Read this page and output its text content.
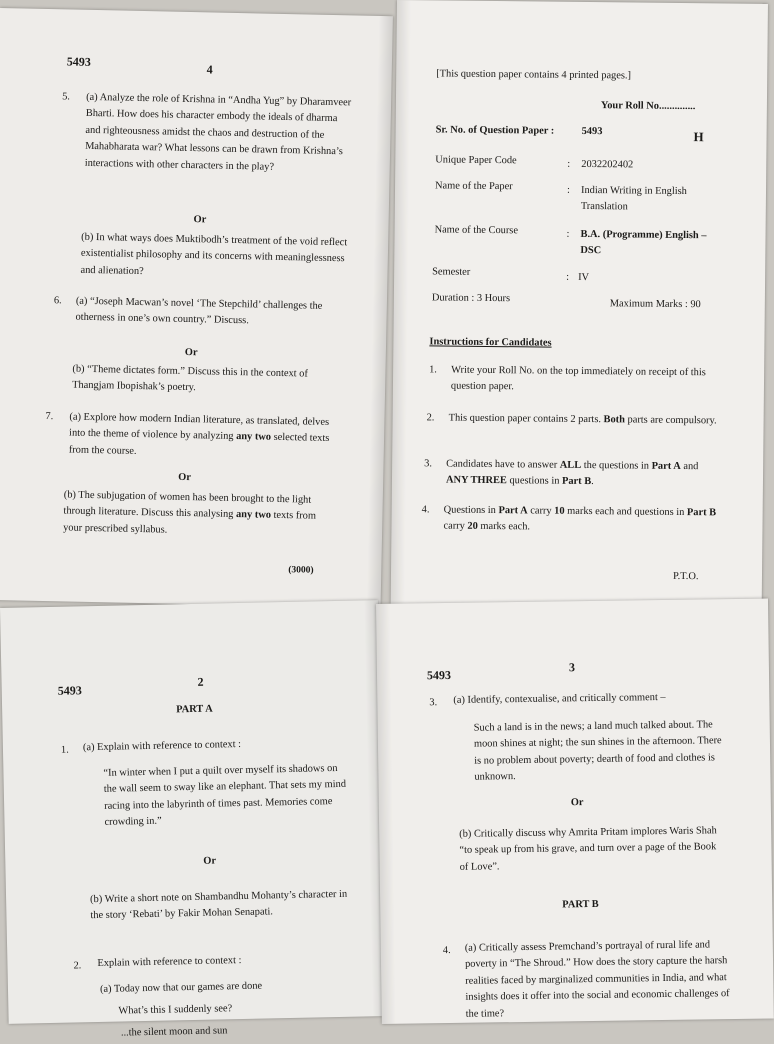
5493
4
5. (a) Analyze the role of Krishna in “Andha Yug” by Dharamveer Bharti. How does his character embody the ideals of dharma and righteousness amidst the chaos and destruction of the Mahabharata war? What lessons can be drawn from Krishna’s interactions with other characters in the play?
Or
(b) In what ways does Muktibodh’s treatment of the void reflect existentialist philosophy and its concerns with meaninglessness and alienation?
6. (a) “Joseph Macwan’s novel ‘The Stepchild’ challenges the otherness in one’s own country.” Discuss.
Or
(b) “Theme dictates form.” Discuss this in the context of Thangjam Ibopishak’s poetry.
7. (a) Explore how modern Indian literature, as translated, delves into the theme of violence by analyzing any two selected texts from the course.
Or
(b) The subjugation of women has been brought to the light through literature. Discuss this analysing any two texts from your prescribed syllabus.
(3000)
[This question paper contains 4 printed pages.]
Your Roll No..............
Sr. No. of Question Paper :	5493	H
Unique Paper Code	: 2032202402
Name of the Paper	: Indian Writing in English Translation
Name of the Course	: B.A. (Programme) English – DSC
Semester	: IV
Duration : 3 Hours	Maximum Marks : 90
Instructions for Candidates
1. Write your Roll No. on the top immediately on receipt of this question paper.
2. This question paper contains 2 parts. Both parts are compulsory.
3. Candidates have to answer ALL the questions in Part A and ANY THREE questions in Part B.
4. Questions in Part A carry 10 marks each and questions in Part B carry 20 marks each.
P.T.O.
5493
2
PART A
1. (a) Explain with reference to context :
“In winter when I put a quilt over myself its shadows on the wall seem to sway like an elephant. That sets my mind racing into the labyrinth of times past. Memories come crowding in.”
Or
(b) Write a short note on Shambandhu Mohanty’s character in the story ‘Rebati’ by Fakir Mohan Senapati.
2. Explain with reference to context :
(a) Today now that our games are done
What’s this I suddenly see?
...the silent moon and sun
5493
3
3. (a) Identify, contexualise, and critically comment –
Such a land is in the news; a land much talked about. The moon shines at night; the sun shines in the afternoon. There is no problem about poverty; dearth of food and clothes is unknown.
Or
(b) Critically discuss why Amrita Pritam implores Waris Shah “to speak up from his grave, and turn over a page of the Book of Love”.
PART B
4. (a) Critically assess Premchand’s portrayal of rural life and poverty in “The Shroud.” How does the story capture the harsh realities faced by marginalized communities in India, and what insights does it offer into the social and economic challenges of the time?
